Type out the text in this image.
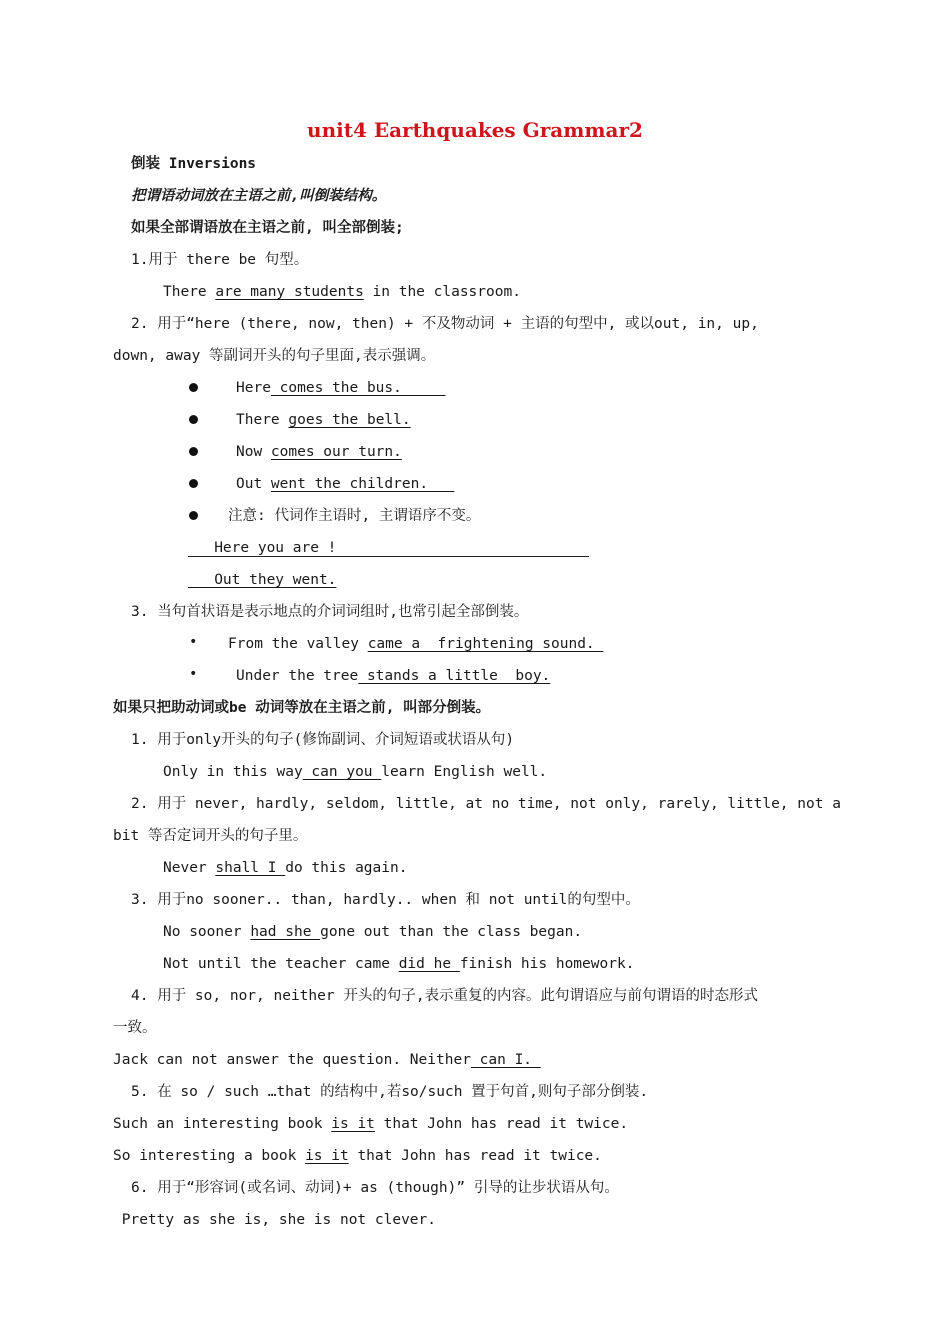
unit4 Earthquakes Grammar2
倒装 Inversions
把谓语动词放在主语之前,叫倒装结构。
如果全部谓语放在主语之前, 叫全部倒装;
1.用于 there be 句型。
There are many students in the classroom.
2. 用于“here (there, now, then) + 不及物动词 + 主语的句型中, 或以out, in, up,
down, away 等副词开头的句子里面,表示强调。
Here comes the bus.
There goes the bell.
Now comes our turn.
Out went the children.
注意: 代词作主语时, 主谓语序不变。
Here you are !
Out they went.
3. 当句首状语是表示地点的介词词组时,也常引起全部倒装。
• From the valley came a  frightening sound.
•	Under the tree stands a little  boy.
如果只把助动词或be 动词等放在主语之前, 叫部分倒装。
1. 用于only开头的句子(修饰副词、介词短语或状语从句)
Only in this way can you learn English well.
2. 用于 never, hardly, seldom, little, at no time, not only, rarely, little, not a
bit 等否定词开头的句子里。
Never shall I do this again.
3. 用于no sooner.. than, hardly.. when 和 not until的句型中。
No sooner had she gone out than the class began.
Not until the teacher came did he finish his homework.
4. 用于 so, nor, neither 开头的句子,表示重复的内容。此句谓语应与前句谓语的时态形式
一致。
Jack can not answer the question. Neither can I.
5. 在 so / such …that 的结构中,若so/such 置于句首,则句子部分倒装.
Such an interesting book is it that John has read it twice.
So interesting a book is it that John has read it twice.
6. 用于“形容词(或名词、动词)+ as (though)” 引导的让步状语从句。
Pretty as she is, she is not clever.
